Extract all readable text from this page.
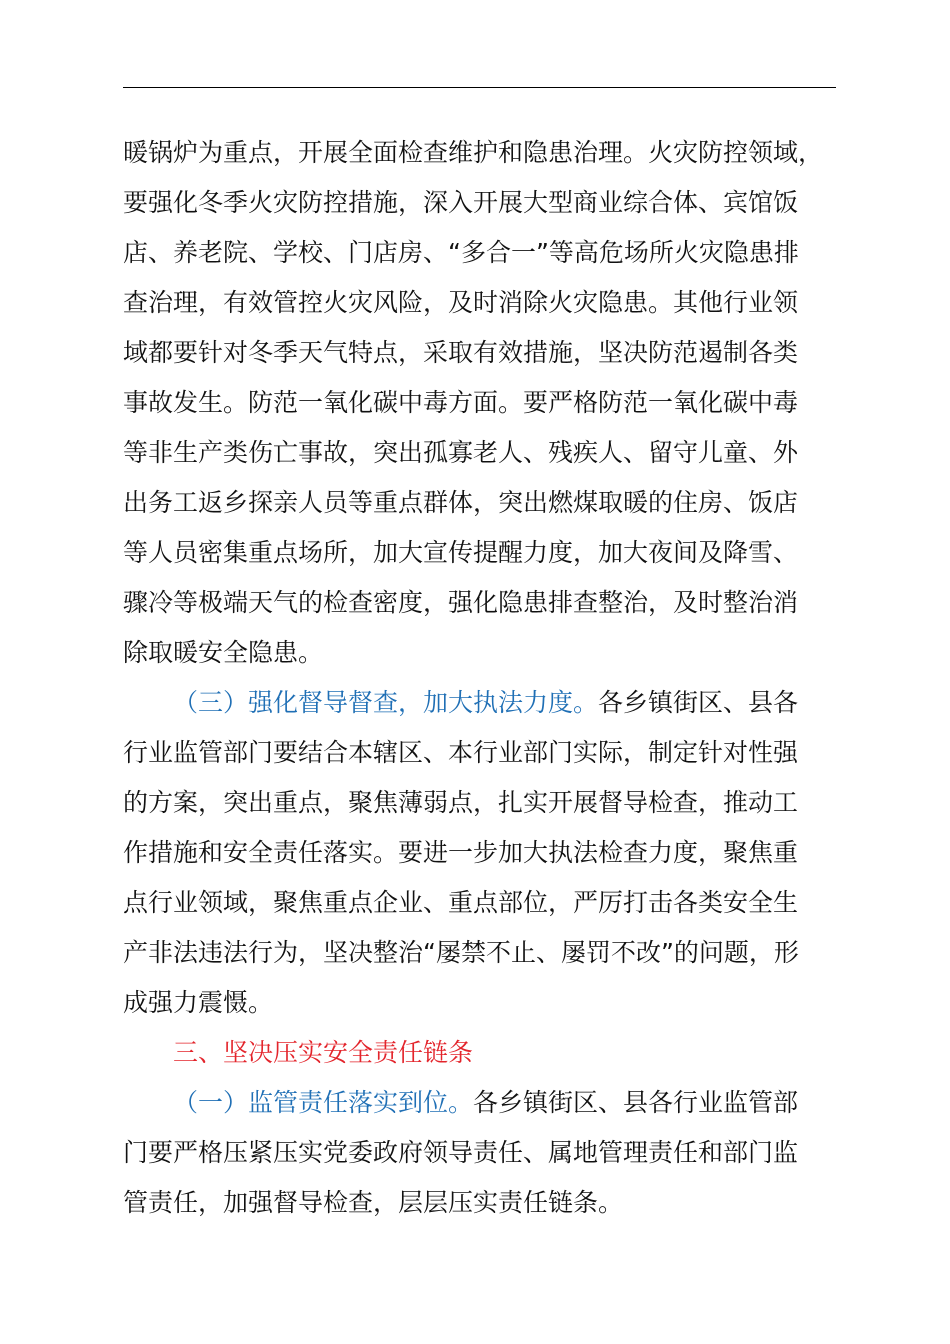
暖锅炉为重点，开展全面检查维护和隐患治理。火灾防控领域，
要强化冬季火灾防控措施，深入开展大型商业综合体、宾馆饭
店、养老院、学校、门店房、“多合一”等高危场所火灾隐患排
查治理，有效管控火灾风险，及时消除火灾隐患。其他行业领
域都要针对冬季天气特点，采取有效措施，坚决防范遏制各类
事故发生。防范一氧化碳中毒方面。要严格防范一氧化碳中毒
等非生产类伤亡事故，突出孤寡老人、残疾人、留守儿童、外
出务工返乡探亲人员等重点群体，突出燃煤取暖的住房、饭店
等人员密集重点场所，加大宣传提醒力度，加大夜间及降雪、
骤冷等极端天气的检查密度，强化隐患排查整治，及时整治消
除取暖安全隐患。
（三）强化督导督查，加大执法力度。各乡镇街区、县各
行业监管部门要结合本辖区、本行业部门实际，制定针对性强
的方案，突出重点，聚焦薄弱点，扎实开展督导检查，推动工
作措施和安全责任落实。要进一步加大执法检查力度，聚焦重
点行业领域，聚焦重点企业、重点部位，严厉打击各类安全生
产非法违法行为，坚决整治“屡禁不止、屡罚不改”的问题，形
成强力震慑。
三、坚决压实安全责任链条
（一）监管责任落实到位。各乡镇街区、县各行业监管部
门要严格压紧压实党委政府领导责任、属地管理责任和部门监
管责任，加强督导检查，层层压实责任链条。
